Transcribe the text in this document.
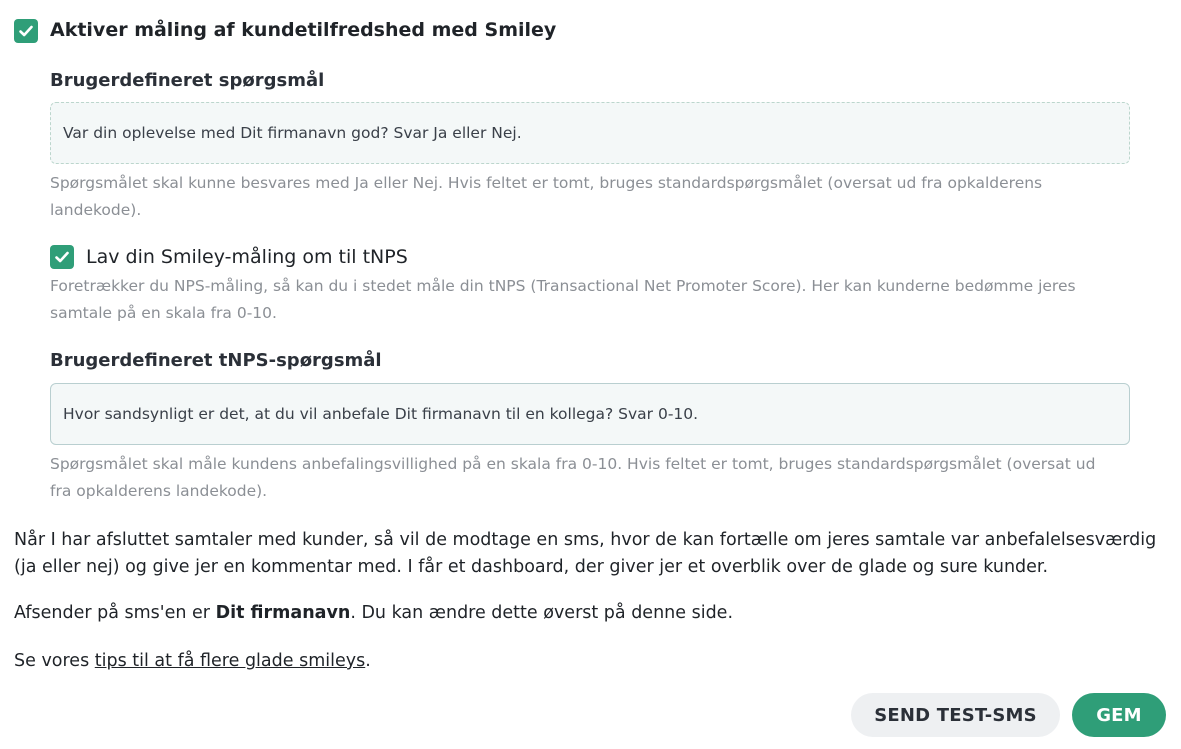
Aktiver måling af kundetilfredshed med Smiley
Brugerdefineret spørgsmål
Var din oplevelse med Dit firmanavn god? Svar Ja eller Nej.
Spørgsmålet skal kunne besvares med Ja eller Nej. Hvis feltet er tomt, bruges standardspørgsmålet (oversat ud fra opkalderens
landekode).
Lav din Smiley-måling om til tNPS
Foretrækker du NPS-måling, så kan du i stedet måle din tNPS (Transactional Net Promoter Score). Her kan kunderne bedømme jeres
samtale på en skala fra 0-10.
Brugerdefineret tNPS-spørgsmål
Hvor sandsynligt er det, at du vil anbefale Dit firmanavn til en kollega? Svar 0-10.
Spørgsmålet skal måle kundens anbefalingsvillighed på en skala fra 0-10. Hvis feltet er tomt, bruges standardspørgsmålet (oversat ud
fra opkalderens landekode).
Når I har afsluttet samtaler med kunder, så vil de modtage en sms, hvor de kan fortælle om jeres samtale var anbefalelsesværdig
(ja eller nej) og give jer en kommentar med. I får et dashboard, der giver jer et overblik over de glade og sure kunder.
Afsender på sms'en er Dit firmanavn. Du kan ændre dette øverst på denne side.
Se vores tips til at få flere glade smileys.
SEND TEST-SMS	GEM
